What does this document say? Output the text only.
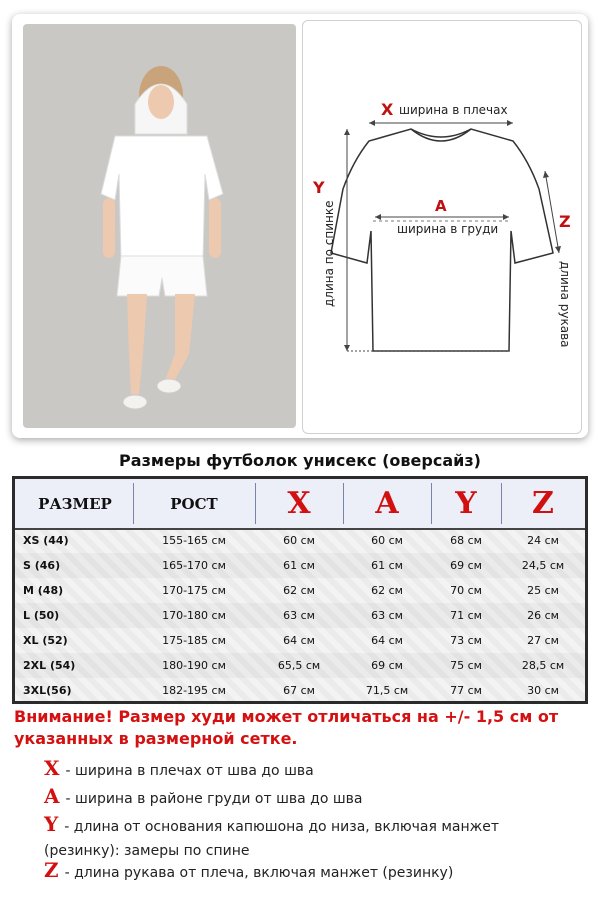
X ширина в плечах
A
ширина в груди
Y
длина по спинке	Z
длина рукава
Размеры футболок унисекс (оверсайз)
РАЗМЕР	РОСТ X A Y Z
XS (44)	155-165 см	60 см	60 см	68 см	24 см
S (46)	165-170 см	61 см	61 см	69 см	24,5 см
M (48)	170-175 см	62 см	62 см	70 см	25 см
L (50)	170-180 см	63 см	63 см	71 см	26 см
XL (52)	175-185 см	64 см	64 см	73 см	27 см
2XL (54)	180-190 см	65,5 см	69 см	75 см	28,5 см
3XL(56)	182-195 см	67 см	71,5 см	77 см	30 см
Внимание! Размер худи может отличаться на +/- 1,5 см от указанных в размерной сетке.
X - ширина в плечах от шва до шва
A - ширина в районе груди от шва до шва
Y - длина от основания капюшона до низа, включая манжет (резинку): замеры по спине
Z - длина рукава от плеча, включая манжет (резинку)
